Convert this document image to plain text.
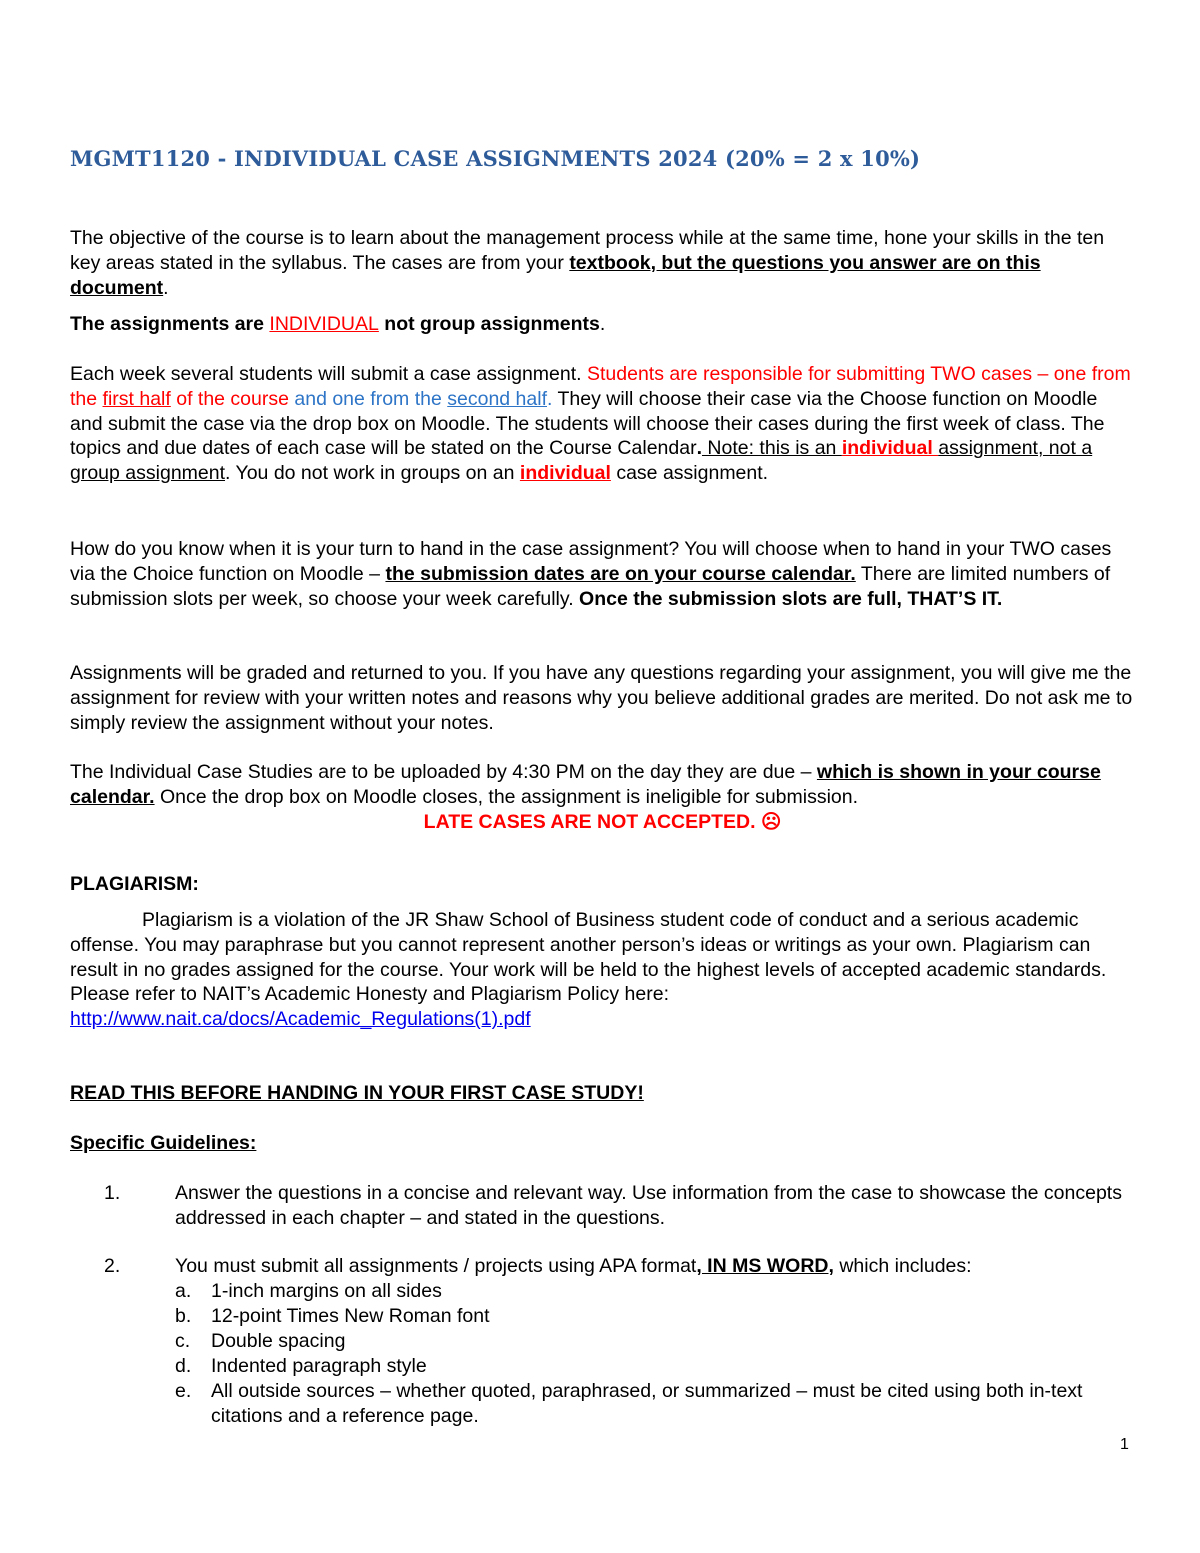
MGMT1120 - INDIVIDUAL CASE ASSIGNMENTS 2024 (20% = 2 x 10%)

The objective of the course is to learn about the management process while at the same time, hone your skills in the ten key areas stated in the syllabus. The cases are from your textbook, but the questions you answer are on this document.

The assignments are INDIVIDUAL not group assignments.

Each week several students will submit a case assignment. Students are responsible for submitting TWO cases – one from the first half of the course and one from the second half. They will choose their case via the Choose function on Moodle and submit the case via the drop box on Moodle. The students will choose their cases during the first week of class. The topics and due dates of each case will be stated on the Course Calendar. Note: this is an individual assignment, not a group assignment. You do not work in groups on an individual case assignment.

How do you know when it is your turn to hand in the case assignment? You will choose when to hand in your TWO cases via the Choice function on Moodle – the submission dates are on your course calendar. There are limited numbers of submission slots per week, so choose your week carefully. Once the submission slots are full, THAT’S IT.

Assignments will be graded and returned to you. If you have any questions regarding your assignment, you will give me the assignment for review with your written notes and reasons why you believe additional grades are merited. Do not ask me to simply review the assignment without your notes.

The Individual Case Studies are to be uploaded by 4:30 PM on the day they are due – which is shown in your course calendar. Once the drop box on Moodle closes, the assignment is ineligible for submission.

LATE CASES ARE NOT ACCEPTED. ☹

PLAGIARISM:

Plagiarism is a violation of the JR Shaw School of Business student code of conduct and a serious academic offense. You may paraphrase but you cannot represent another person’s ideas or writings as your own. Plagiarism can result in no grades assigned for the course. Your work will be held to the highest levels of accepted academic standards. Please refer to NAIT’s Academic Honesty and Plagiarism Policy here: http://www.nait.ca/docs/Academic_Regulations(1).pdf

READ THIS BEFORE HANDING IN YOUR FIRST CASE STUDY!

Specific Guidelines:

1.	Answer the questions in a concise and relevant way. Use information from the case to showcase the concepts addressed in each chapter – and stated in the questions.
2.	You must submit all assignments / projects using APA format, IN MS WORD, which includes:
a. 1-inch margins on all sides
b. 12-point Times New Roman font
c. Double spacing
d. Indented paragraph style
e. All outside sources – whether quoted, paraphrased, or summarized – must be cited using both in-text citations and a reference page.
1
